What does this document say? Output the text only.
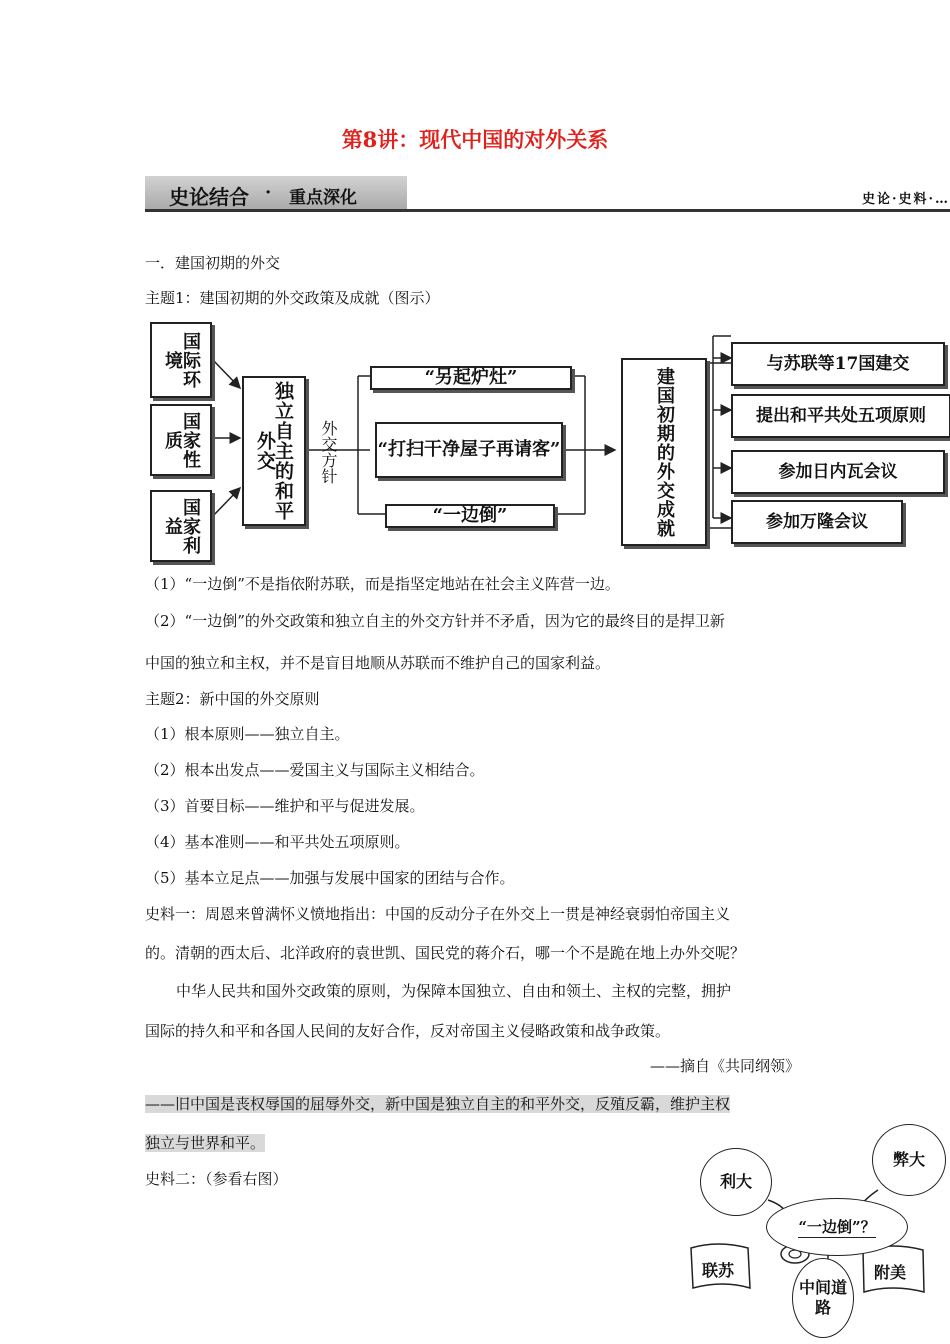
第8讲：现代中国的对外关系
史论结合 · 重点深化	史论·史料·…
一．建国初期的外交
主题1：建国初期的外交政策及成就（图示）
国际环境
国家性质
国家利益
独立自主的和平外交	外交方针
“另起炉灶”
“打扫干净屋子再请客”
“一边倒”	建国初期的外交成就
与苏联等17国建交
提出和平共处五项原则
参加日内瓦会议
参加万隆会议
（1）“一边倒”不是指依附苏联，而是指坚定地站在社会主义阵营一边。
（2）“一边倒”的外交政策和独立自主的外交方针并不矛盾，因为它的最终目的是捍卫新
中国的独立和主权，并不是盲目地顺从苏联而不维护自己的国家利益。
主题2：新中国的外交原则
（1）根本原则——独立自主。
（2）根本出发点——爱国主义与国际主义相结合。
（3）首要目标——维护和平与促进发展。
（4）基本准则——和平共处五项原则。
（5）基本立足点——加强与发展中国家的团结与合作。
史料一：周恩来曾满怀义愤地指出：中国的反动分子在外交上一贯是神经衰弱怕帝国主义
的。清朝的西太后、北洋政府的袁世凯、国民党的蒋介石，哪一个不是跪在地上办外交呢？
中华人民共和国外交政策的原则，为保障本国独立、自由和领土、主权的完整，拥护
国际的持久和平和各国人民间的友好合作，反对帝国主义侵略政策和战争政策。
——摘自《共同纲领》
——旧中国是丧权辱国的屈辱外交，新中国是独立自主的和平外交，反殖反霸，维护主权
独立与世界和平。
史料二：（参看右图）	利大
弊大
“一边倒”？
联苏	附美
中间道路
